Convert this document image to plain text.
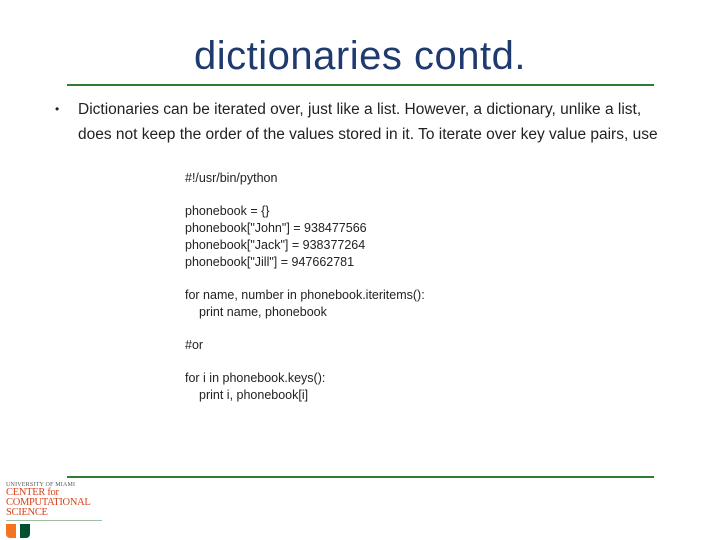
dictionaries contd.
•	Dictionaries can be iterated over, just like a list. However, a dictionary, unlike a list, does not keep the order of the values stored in it. To iterate over key value pairs, use
#!/usr/bin/python
phonebook = {}
phonebook["John"] = 938477566
phonebook["Jack"] = 938377264
phonebook["Jill"] = 947662781
for name, number in phonebook.iteritems():
print name, phonebook
#or
for i in phonebook.keys():
print i, phonebook[i]
UNIVERSITY OF MIAMI
CENTER for
COMPUTATIONAL
SCIENCE
